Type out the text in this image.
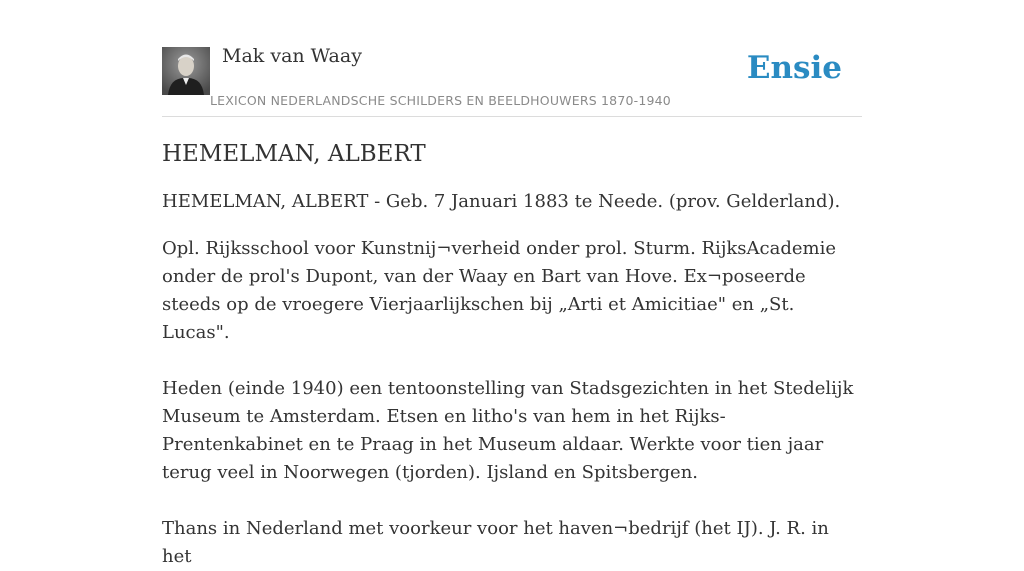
Mak van Waay
LEXICON NEDERLANDSCHE SCHILDERS EN BEELDHOUWERS 1870-1940
Ensie
HEMELMAN, ALBERT

HEMELMAN, ALBERT - Geb. 7 Januari 1883 te Neede. (prov. Gelderland).

Opl. Rijksschool voor Kunstnij¬verheid onder prol. Sturm. RijksAcademie onder de prol's Dupont, van der Waay en Bart van Hove. Ex¬poseerde steeds op de vroegere Vierjaarlijkschen bij „Arti et Amicitiae" en „St. Lucas".

Heden (einde 1940) een tentoonstelling van Stadsgezichten in het Stedelijk Museum te Amsterdam. Etsen en litho's van hem in het Rijks-Prentenkabinet en te Praag in het Museum aldaar. Werkte voor tien jaar terug veel in Noorwegen (tjorden). Ijsland en Spitsbergen.

Thans in Nederland met voorkeur voor het haven¬bedrijf (het IJ). J. R. in het
